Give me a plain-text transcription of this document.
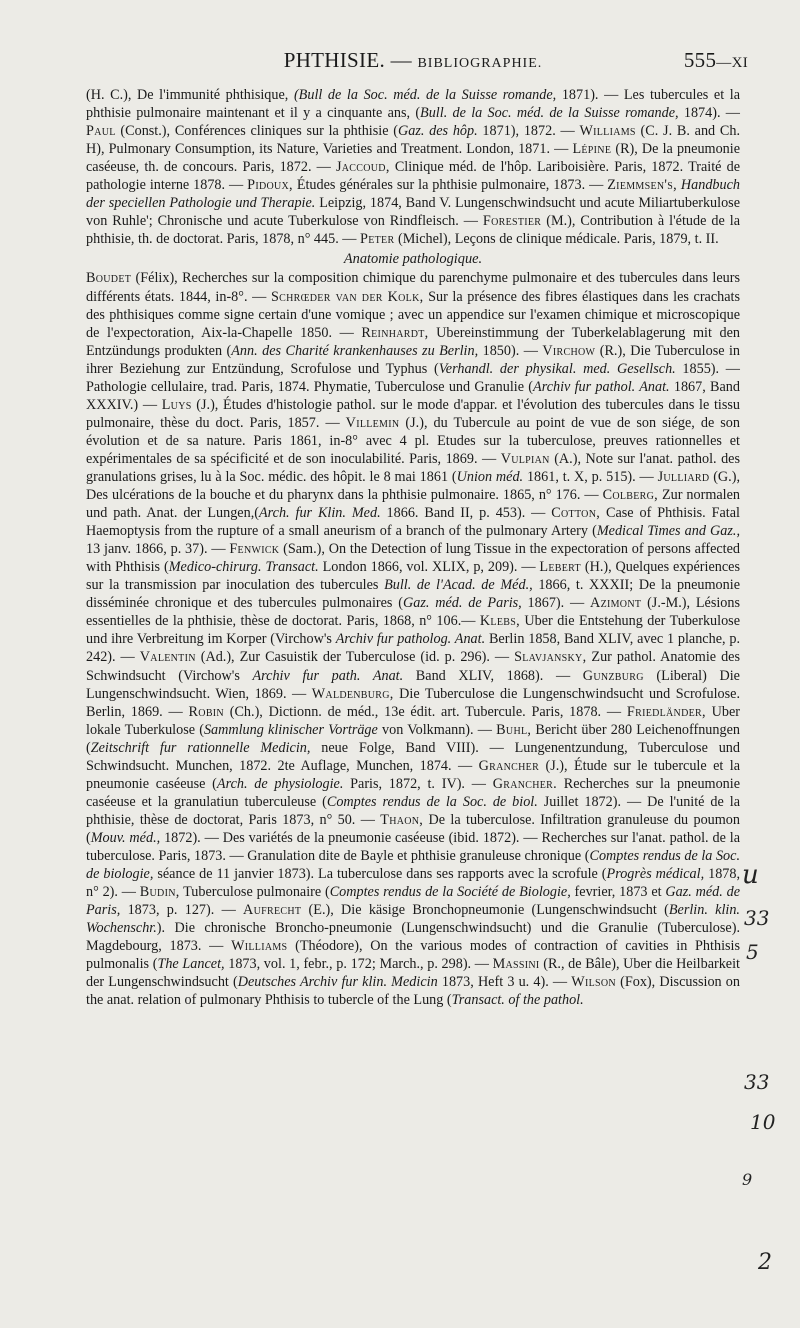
PHTHISIE. — BIBLIOGRAPHIE.	555—XI

(H. C.), De l'immunité phthisique, (Bull de la Soc. méd. de la Suisse romande, 1871). — Les tubercules et la phthisie pulmonaire maintenant et il y a cinquante ans, (Bull. de la Soc. méd. de la Suisse romande, 1874). — Paul (Const.), Conférences cliniques sur la phthisie (Gaz. des hôp. 1871), 1872. — Williams (C. J. B. and Ch. H), Pulmonary Consumption, its Nature, Varieties and Treatment. London, 1871. — Lépine (R), De la pneumonie caséeuse, th. de concours. Paris, 1872. — Jaccoud, Clinique méd. de l'hôp. Lariboisière. Paris, 1872. Traité de pathologie interne 1878. — Pidoux, Études générales sur la phthisie pulmonaire, 1873. — Ziemmsen's, Handbuch der speciellen Pathologie und Therapie. Leipzig, 1874, Band V. Lungenschwindsucht und acute Miliartuberkulose von Ruhle'; Chronische und acute Tuberkulose von Rindfleisch. — Forestier (M.), Contribution à l'étude de la phthisie, th. de doctorat. Paris, 1878, n° 445. — Peter (Michel), Leçons de clinique médicale. Paris, 1879, t. II.

Anatomie pathologique.

Boudet (Félix), Recherches sur la composition chimique du parenchyme pulmonaire et des tubercules dans leurs différents états. 1844, in-8°. — Schrœder van der Kolk, Sur la présence des fibres élastiques dans les crachats des phthisiques comme signe certain d'une vomique ; avec un appendice sur l'examen chimique et microscopique de l'expectoration, Aix-la-Chapelle 1850. — Reinhardt, Ubereinstimmung der Tuberkelablagerung mit den Entzündungs produkten (Ann. des Charité krankenhauses zu Berlin, 1850). — Virchow (R.), Die Tuberculose in ihrer Beziehung zur Entzündung, Scrofulose und Typhus (Verhandl. der physikal. med. Gesellsch. 1855). — Pathologie cellulaire, trad. Paris, 1874. Phymatie, Tuberculose und Granulie (Archiv fur pathol. Anat. 1867, Band XXXIV.) — Luys (J.), Études d'histologie pathol. sur le mode d'appar. et l'évolution des tubercules dans le tissu pulmonaire, thèse du doct. Paris, 1857. — Villemin (J.), du Tubercule au point de vue de son siége, de son évolution et de sa nature. Paris 1861, in-8° avec 4 pl. Etudes sur la tuberculose, preuves rationnelles et expérimentales de sa spécificité et de son inoculabilité. Paris, 1869. — Vulpian (A.), Note sur l'anat. pathol. des granulations grises, lu à la Soc. médic. des hôpit. le 8 mai 1861 (Union méd. 1861, t. X, p. 515). — Julliard (G.), Des ulcérations de la bouche et du pharynx dans la phthisie pulmonaire. 1865, n° 176. — Colberg, Zur normalen und path. Anat. der Lungen,(Arch. fur Klin. Med. 1866. Band II, p. 453). — Cotton, Case of Phthisis. Fatal Haemoptysis from the rupture of a small aneurism of a branch of the pulmonary Artery (Medical Times and Gaz., 13 janv. 1866, p. 37). — Fenwick (Sam.), On the Detection of lung Tissue in the expectoration of persons affected with Phthisis (Medico-chirurg. Transact. London 1866, vol. XLIX, p, 209). — Lebert (H.), Quelques expériences sur la transmission par inoculation des tubercules Bull. de l'Acad. de Méd., 1866, t. XXXII; De la pneumonie disséminée chronique et des tubercules pulmonaires (Gaz. méd. de Paris, 1867). — Azimont (J.-M.), Lésions essentielles de la phthisie, thèse de doctorat. Paris, 1868, n° 106.— Klebs, Uber die Entstehung der Tuberkulose und ihre Verbreitung im Korper (Virchow's Archiv fur patholog. Anat. Berlin 1858, Band XLIV, avec 1 planche, p. 242). — Valentin (Ad.), Zur Casuistik der Tuberculose (id. p. 296). — Slavjansky, Zur pathol. Anatomie des Schwindsucht (Virchow's Archiv fur path. Anat. Band XLIV, 1868). — Gunzburg (Liberal) Die Lungenschwindsucht. Wien, 1869. — Waldenburg, Die Tuberculose die Lungenschwindsucht und Scrofulose. Berlin, 1869. — Robin (Ch.), Dictionn. de méd., 13e édit. art. Tubercule. Paris, 1878. — Friedländer, Uber lokale Tuberkulose (Sammlung klinischer Vorträge von Volkmann). — Buhl, Bericht über 280 Leichenoffnungen (Zeitschrift fur rationnelle Medicin, neue Folge, Band VIII). — Lungenentzundung, Tuberculose und Schwindsucht. Munchen, 1872. 2te Auflage, Munchen, 1874. — Grancher (J.), Étude sur le tubercule et la pneumonie caséeuse (Arch. de physiologie. Paris, 1872, t. IV). — Grancher. Recherches sur la pneumonie caséeuse et la granulatiun tuberculeuse (Comptes rendus de la Soc. de biol. Juillet 1872). — De l'unité de la phthisie, thèse de doctorat, Paris 1873, n° 50. — Thaon, De la tuberculose. Infiltration granuleuse du poumon (Mouv. méd., 1872). — Des variétés de la pneumonie caséeuse (ibid. 1872). — Recherches sur l'anat. pathol. de la tuberculose. Paris, 1873. — Granulation dite de Bayle et phthisie granuleuse chronique (Comptes rendus de la Soc. de biologie, séance de 11 janvier 1873). La tuberculose dans ses rapports avec la scrofule (Progrès médical, 1878, n° 2). — Budin, Tuberculose pulmonaire (Comptes rendus de la Société de Biologie, fevrier, 1873 et Gaz. méd. de Paris, 1873, p. 127). — Aufrecht (E.), Die käsige Bronchopneumonie (Lungenschwindsucht (Berlin. klin. Wochenschr.). Die chronische Broncho-pneumonie (Lungenschwindsucht) und die Granulie (Tuberculose). Magdebourg, 1873. — Williams (Théodore), On the various modes of contraction of cavities in Phthisis pulmonalis (The Lancet, 1873, vol. 1, febr., p. 172; March., p. 298). — Massini (R., de Bâle), Uber die Heilbarkeit der Lungenschwindsucht (Deutsches Archiv fur klin. Medicin 1873, Heft 3 u. 4). — Wilson (Fox), Discussion on the anat. relation of pulmonary Phthisis to tubercle of the Lung (Transact. of the pathol.

u
33
5
33
10
9
2
